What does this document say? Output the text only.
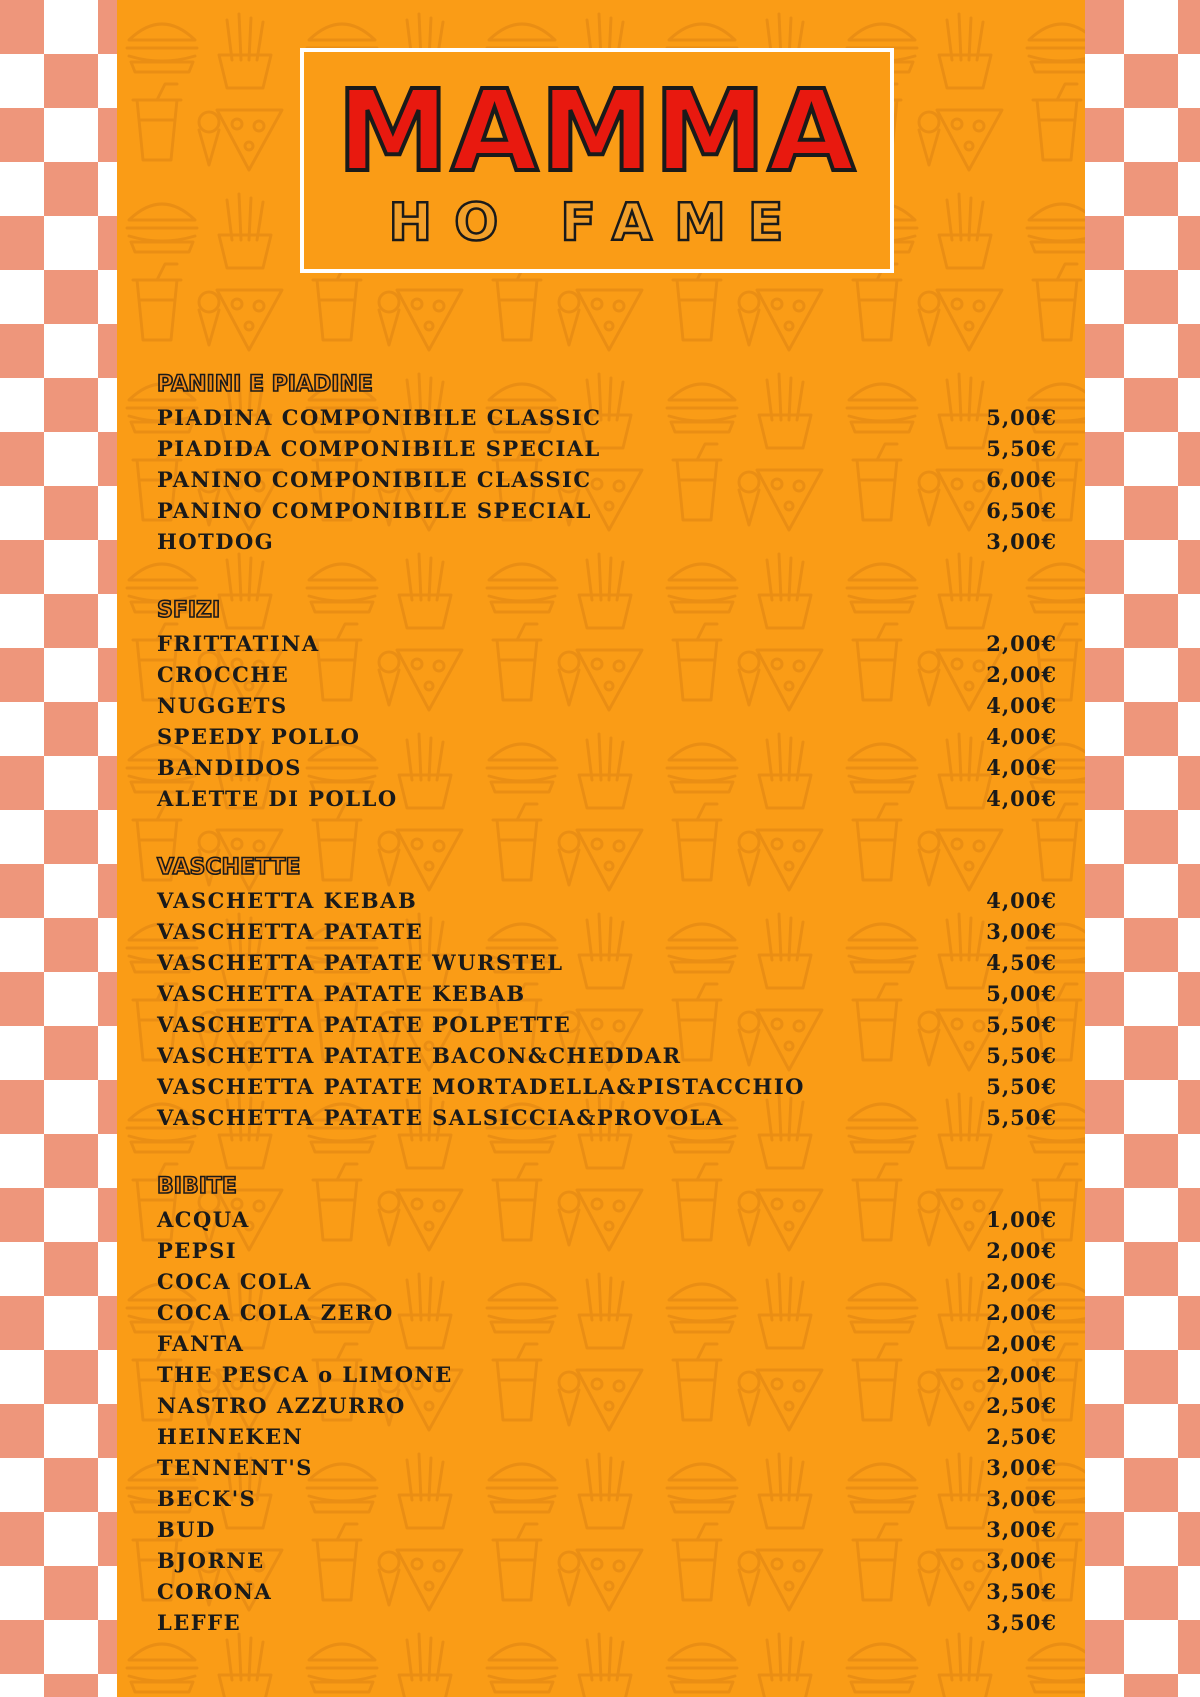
MAMMA
HO FAME
PANINI E PIADINE
PIADINA COMPONIBILE CLASSIC	5,00€
PIADIDA COMPONIBILE SPECIAL	5,50€
PANINO COMPONIBILE CLASSIC	6,00€
PANINO COMPONIBILE SPECIAL	6,50€
HOTDOG	3,00€
SFIZI
FRITTATINA	2,00€
CROCCHE	2,00€
NUGGETS	4,00€
SPEEDY POLLO	4,00€
BANDIDOS	4,00€
ALETTE DI POLLO	4,00€
VASCHETTE
VASCHETTA KEBAB	4,00€
VASCHETTA PATATE	3,00€
VASCHETTA PATATE WURSTEL	4,50€
VASCHETTA PATATE KEBAB	5,00€
VASCHETTA PATATE POLPETTE	5,50€
VASCHETTA PATATE BACON&CHEDDAR	5,50€
VASCHETTA PATATE MORTADELLA&PISTACCHIO	5,50€
VASCHETTA PATATE SALSICCIA&PROVOLA	5,50€
BIBITE
ACQUA	1,00€
PEPSI	2,00€
COCA COLA	2,00€
COCA COLA ZERO	2,00€
FANTA	2,00€
THE PESCA o LIMONE	2,00€
NASTRO AZZURRO	2,50€
HEINEKEN	2,50€
TENNENT'S	3,00€
BECK'S	3,00€
BUD	3,00€
BJORNE	3,00€
CORONA	3,50€
LEFFE	3,50€
